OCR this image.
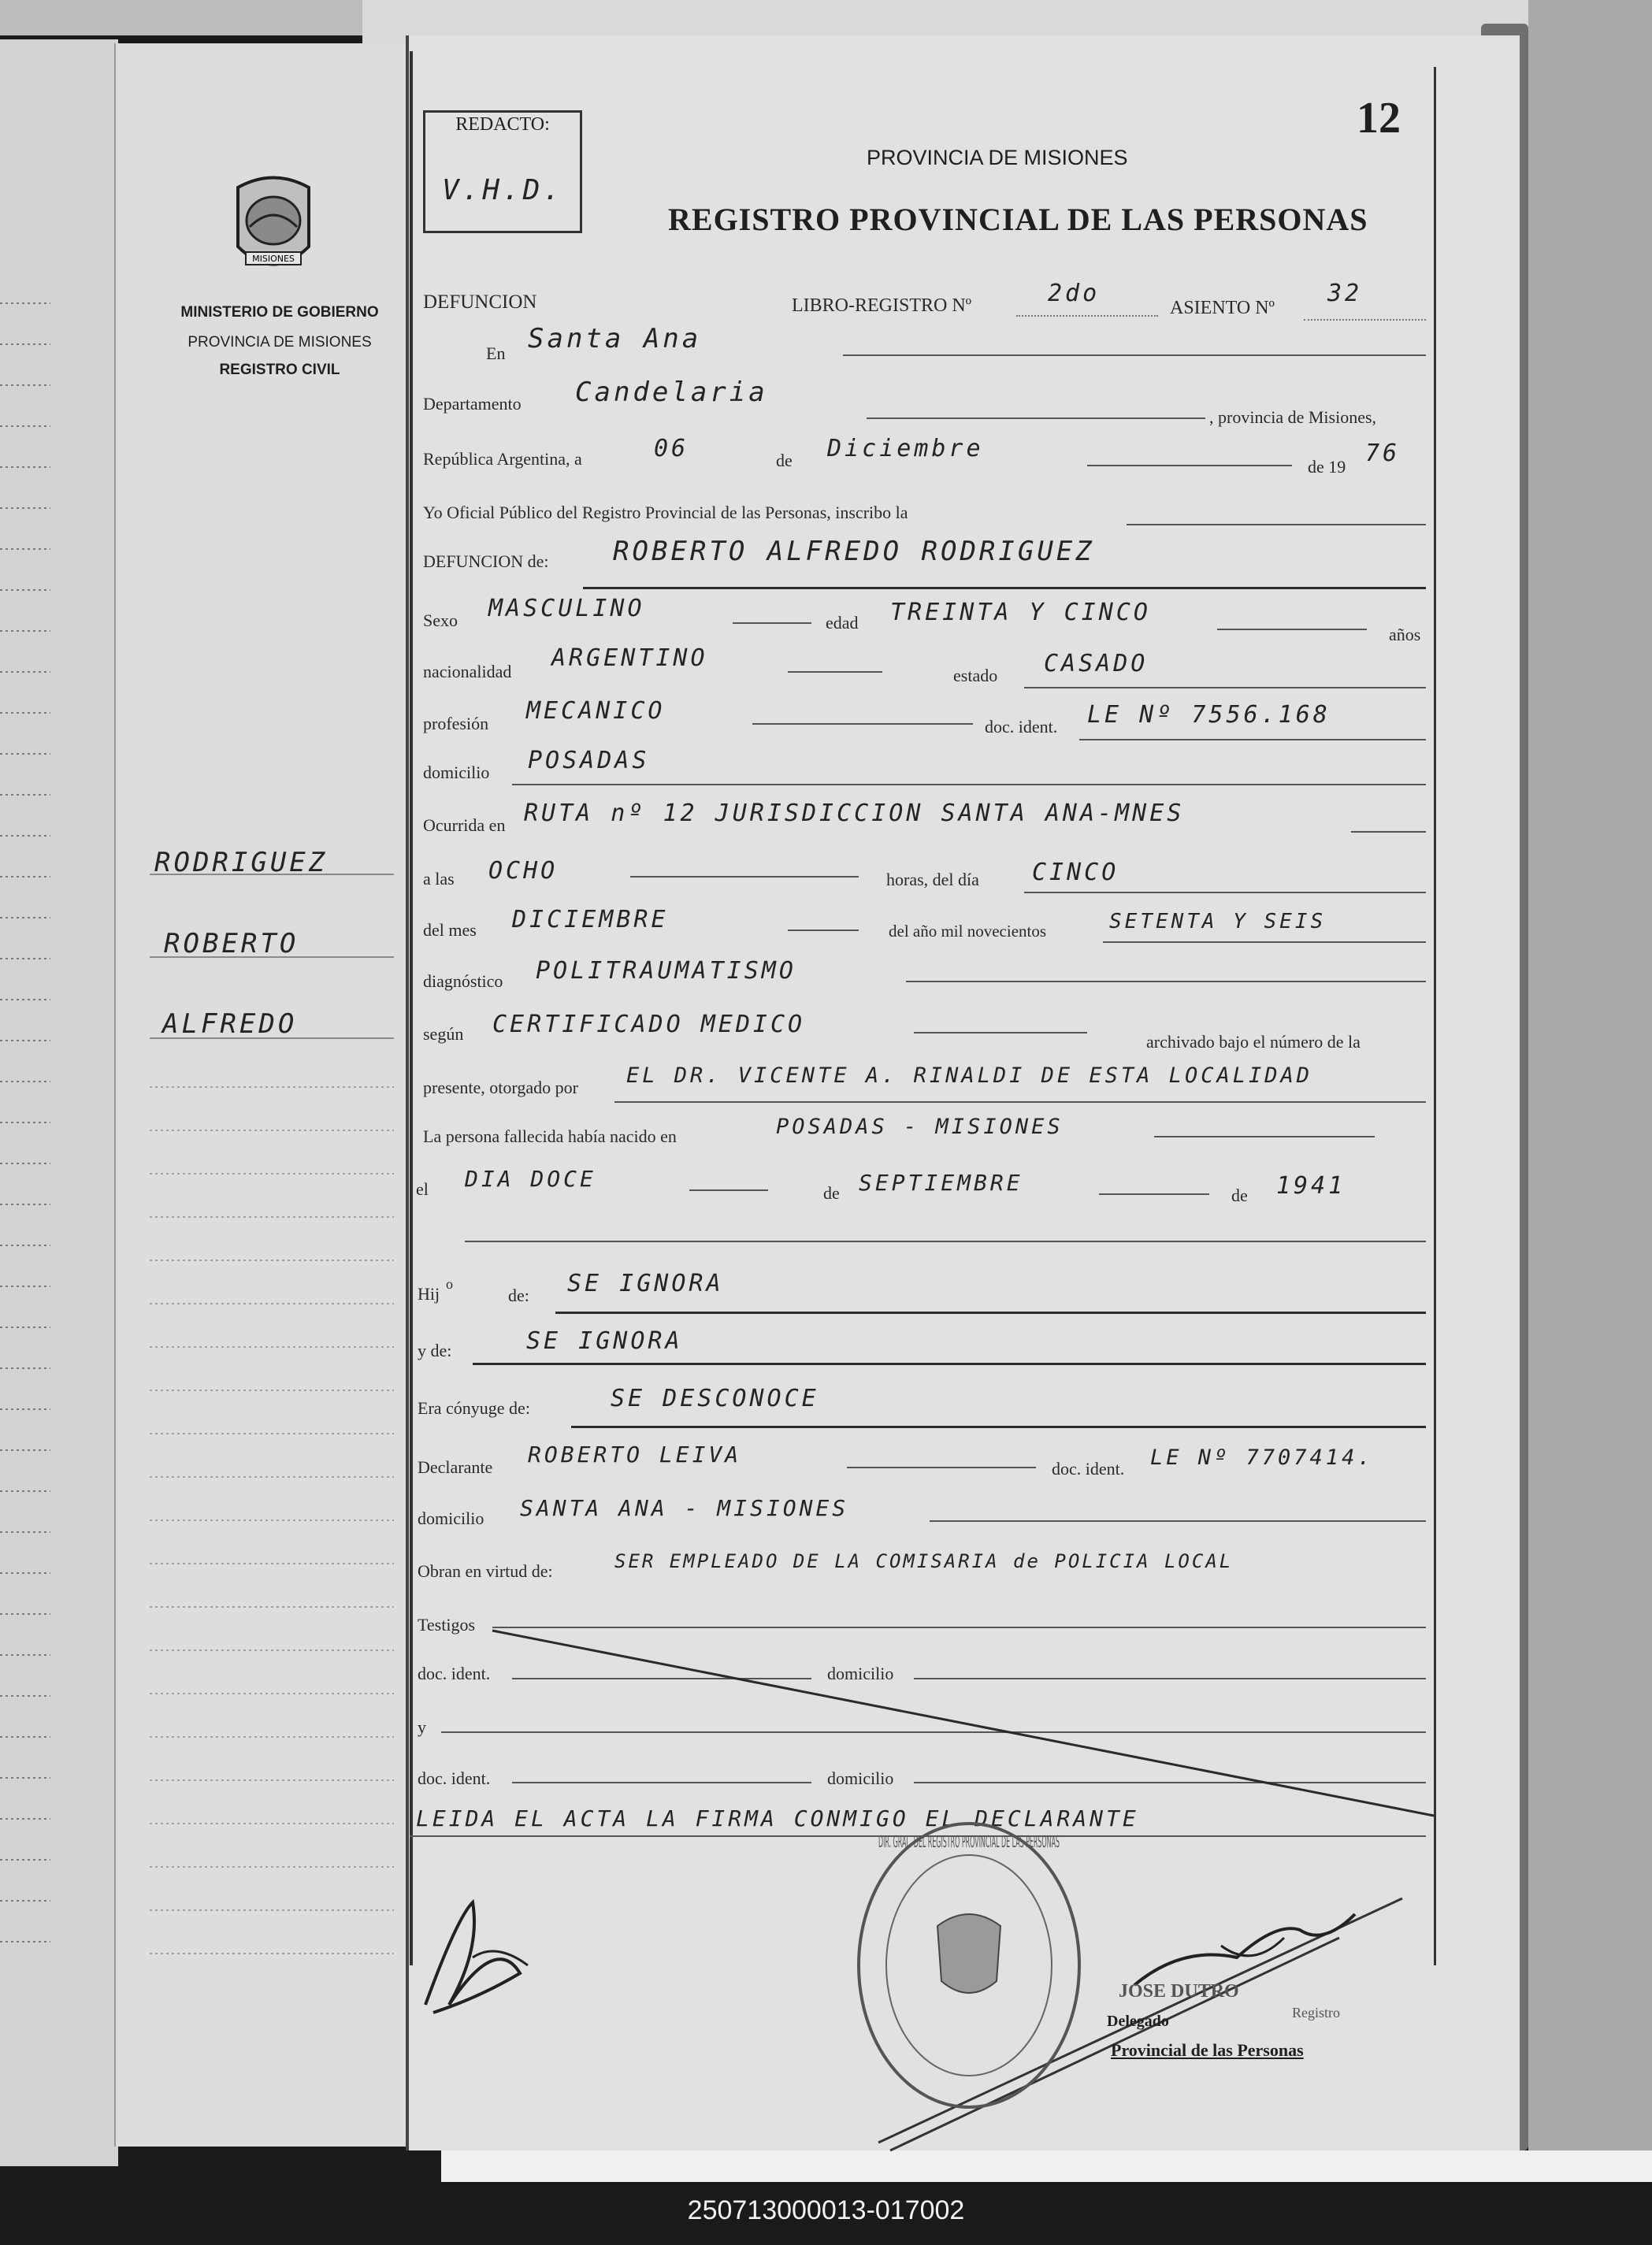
MISIONES
MINISTERIO DE GOBIERNO
PROVINCIA DE MISIONES
REGISTRO CIVIL
RODRIGUEZ
ROBERTO
ALFREDO
REDACTO:
V.H.D.
12
PROVINCIA DE MISIONES
REGISTRO PROVINCIAL DE LAS PERSONAS
DEFUNCION	LIBRO-REGISTRO Nº	2do
ASIENTO Nº
32
En Santa Ana
Departamento Candelaria
, provincia de Misiones,
República Argentina, a	06	de Diciembre
de 19 76
Yo Oficial Público del Registro Provincial de las Personas, inscribo la
DEFUNCION de: ROBERTO ALFREDO RODRIGUEZ
Sexo MASCULINO
edad TREINTA Y CINCO
años
nacionalidad ARGENTINO
estado CASADO
profesión MECANICO
doc. ident. LE Nº 7556.168
domicilio POSADAS
Ocurrida en RUTA nº 12 JURISDICCION SANTA ANA-MNES
a las OCHO	horas, del día CINCO
del mes DICIEMBRE	del año mil novecientos	SETENTA Y SEIS
diagnóstico POLITRAUMATISMO
según CERTIFICADO MEDICO
archivado bajo el número de la
presente, otorgado por EL DR. VICENTE A. RINALDI DE ESTA LOCALIDAD
La persona fallecida había nacido en	POSADAS - MISIONES
el DIA DOCE
de SEPTIEMBRE	de 1941
Hij o
de: SE IGNORA
y de:	SE IGNORA
Era cónyuge de:	SE DESCONOCE
Declarante ROBERTO LEIVA
doc. ident. LE Nº 7707414.
domicilio SANTA ANA - MISIONES
Obran en virtud de:	SER EMPLEADO DE LA COMISARIA de POLICIA LOCAL
Testigos
doc. ident.	domicilio
y
doc. ident.	domicilio
LEIDA EL ACTA LA FIRMA CONMIGO EL DECLARANTE
DIR. GRAL. DEL REGISTRO PROVINCIAL DE LAS PERSONAS
JOSE DUTRO
Delegado	Registro
Provincial de las Personas
250713000013-017002
